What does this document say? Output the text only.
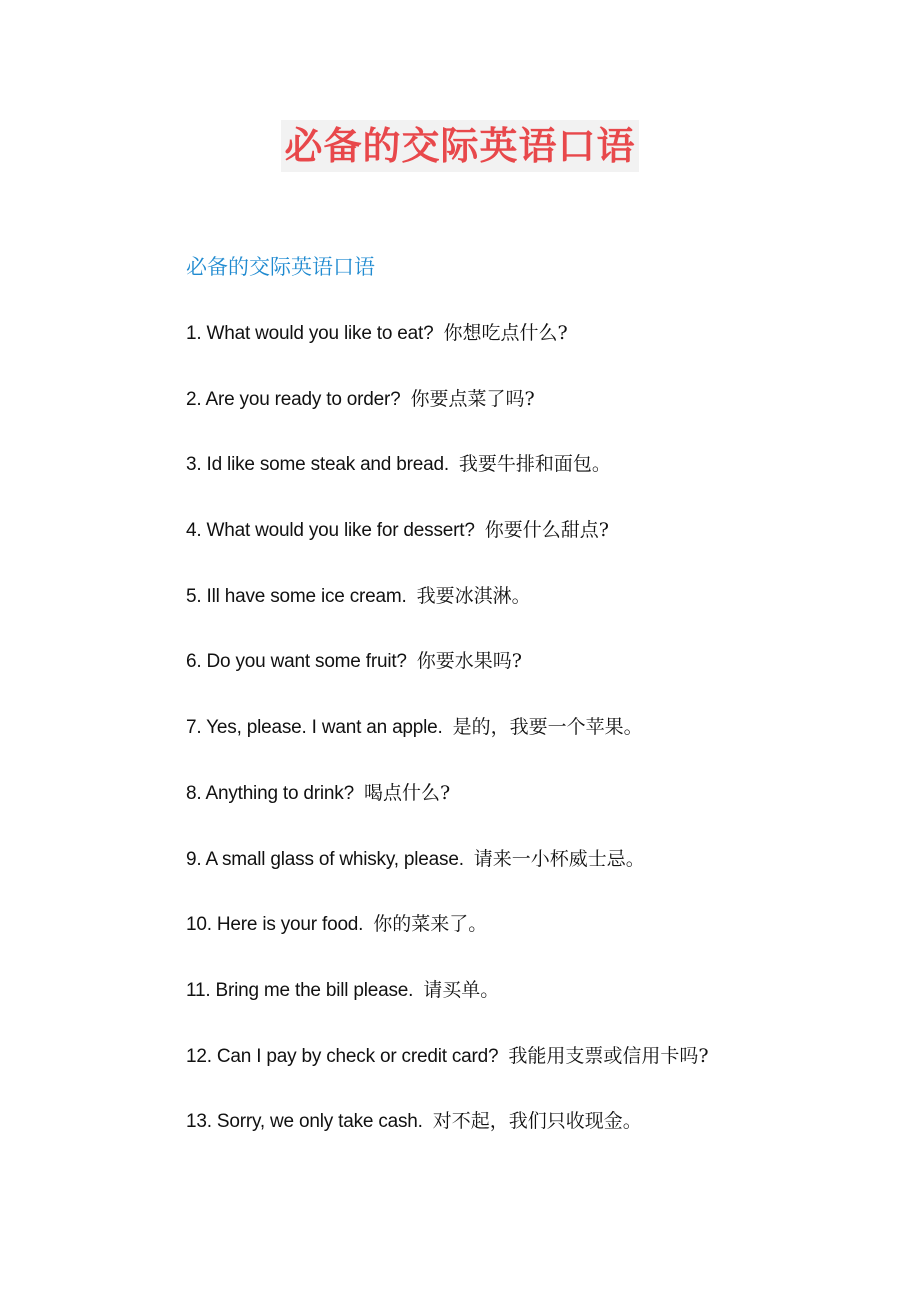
必备的交际英语口语
必备的交际英语口语
1. What would you like to eat? 你想吃点什么?
2. Are you ready to order? 你要点菜了吗?
3. Id like some steak and bread. 我要牛排和面包。
4. What would you like for dessert? 你要什么甜点?
5. Ill have some ice cream. 我要冰淇淋。
6. Do you want some fruit? 你要水果吗?
7. Yes, please. I want an apple. 是的，我要一个苹果。
8. Anything to drink? 喝点什么?
9. A small glass of whisky, please. 请来一小杯威士忌。
10. Here is your food. 你的菜来了。
11. Bring me the bill please. 请买单。
12. Can I pay by check or credit card? 我能用支票或信用卡吗?
13. Sorry, we only take cash. 对不起，我们只收现金。
